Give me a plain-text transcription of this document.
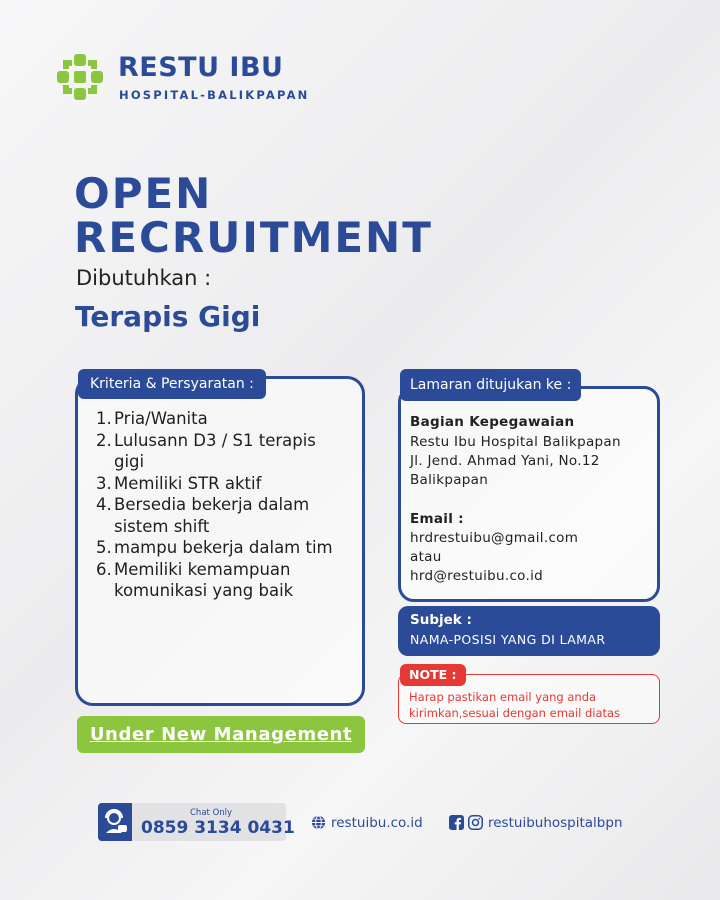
RESTU IBU
HOSPITAL-BALIKPAPAN
OPEN
RECRUITMENT
Dibutuhkan :
Terapis Gigi
Kriteria & Persyaratan :
1. Pria/Wanita
2. Lulusann D3 / S1 terapis gigi
3. Memiliki STR aktif
4. Bersedia bekerja dalam sistem shift
5. mampu bekerja dalam tim
6. Memiliki kemampuan komunikasi yang baik
Lamaran ditujukan ke :
Bagian Kepegawaian
Restu Ibu Hospital Balikpapan
Jl. Jend. Ahmad Yani, No.12
Balikpapan
Email :
hrdrestuibu@gmail.com
atau
hrd@restuibu.co.id
Subjek :
NAMA-POSISI YANG DI LAMAR
NOTE :
Harap pastikan email yang anda kirimkan,sesuai dengan email diatas
Under New Management
Chat Only
0859 3134 0431	restuibu.co.id	restuibuhospitalbpn
